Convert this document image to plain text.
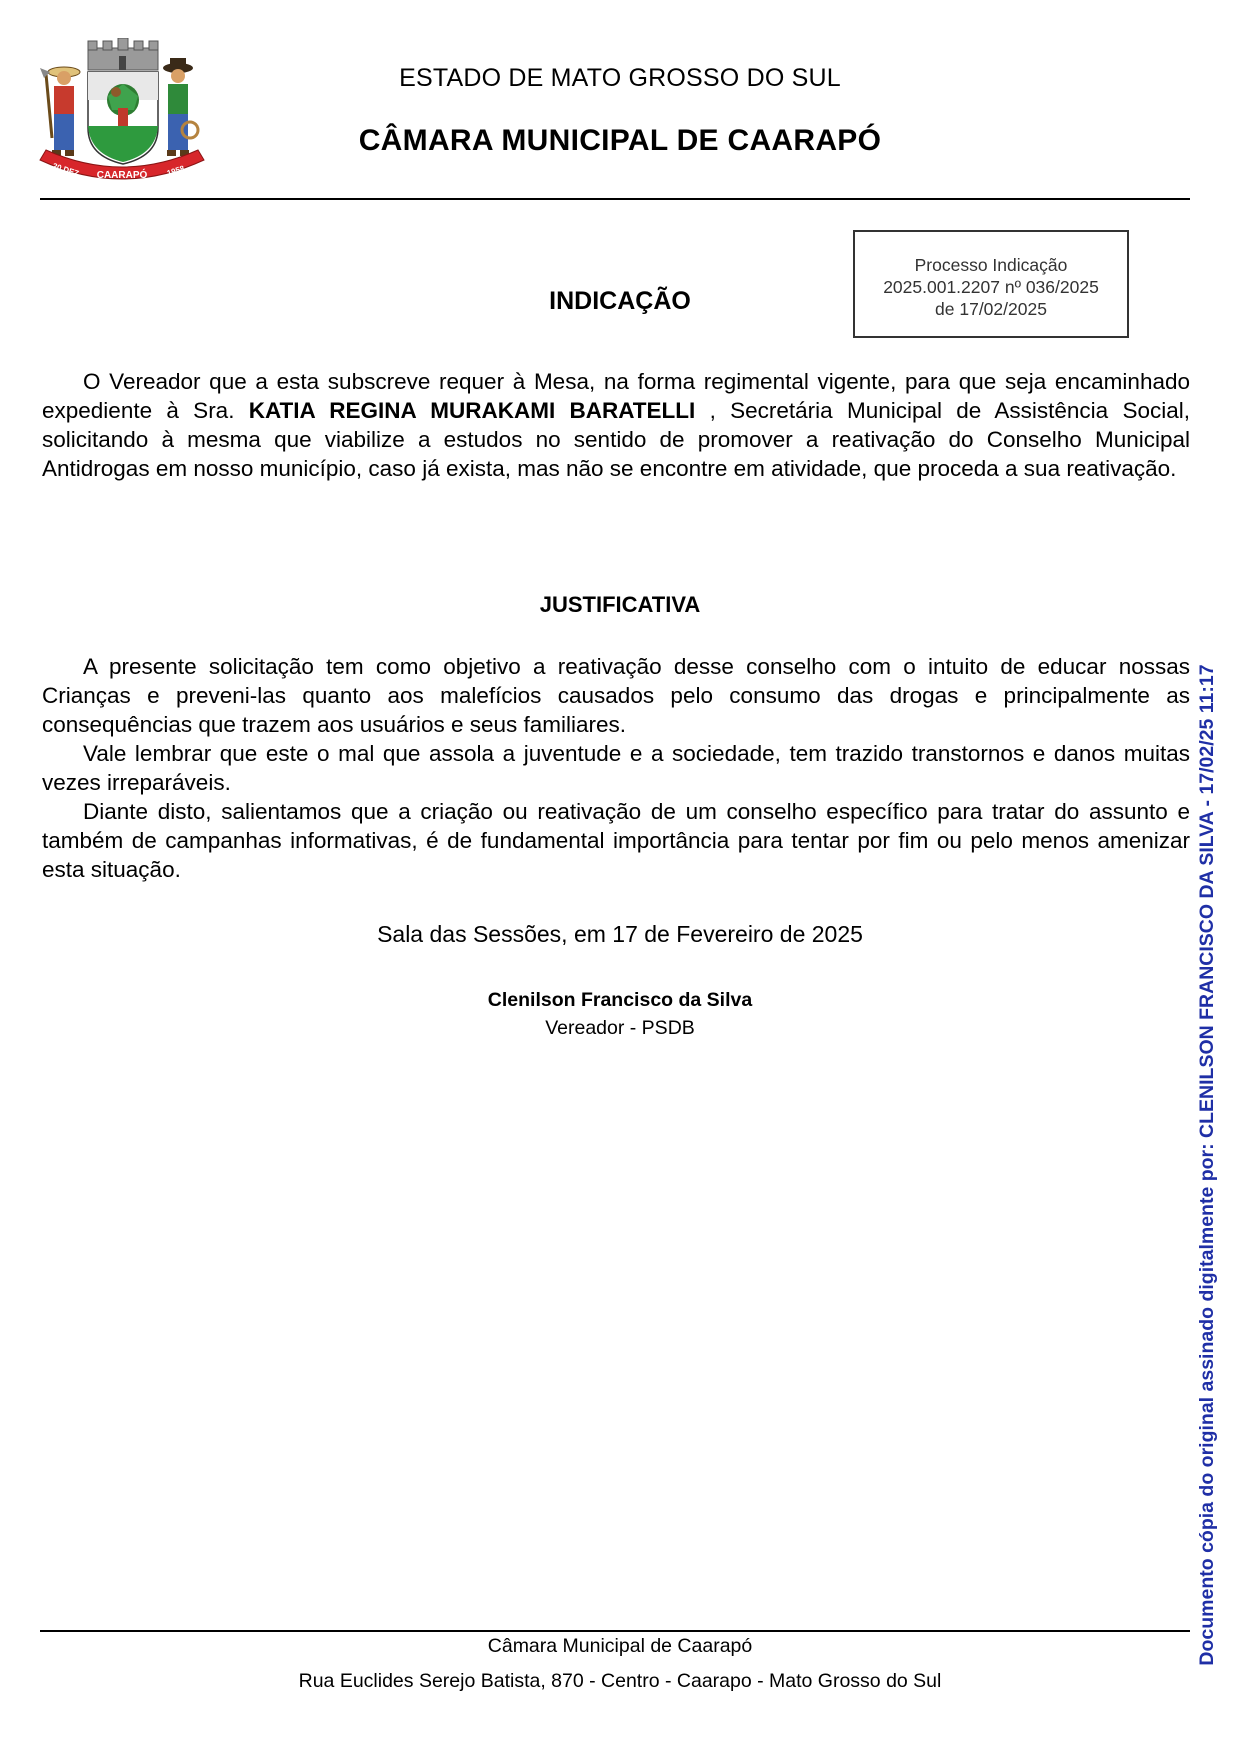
20 DEZ CAARAPÓ 1958
ESTADO DE MATO GROSSO DO SUL
CÂMARA MUNICIPAL DE CAARAPÓ
INDICAÇÃO
Processo Indicação
2025.001.2207 nº 036/2025
de 17/02/2025

O Vereador que a esta subscreve requer à Mesa, na forma regimental vigente, para que seja encaminhado expediente à Sra. KATIA REGINA MURAKAMI BARATELLI , Secretária Municipal de Assistência Social, solicitando à mesma que viabilize a estudos no sentido de promover a reativação do Conselho Municipal Antidrogas em nosso município, caso já exista, mas não se encontre em atividade, que proceda a sua reativação.

JUSTIFICATIVA

A presente solicitação tem como objetivo a reativação desse conselho com o intuito de educar nossas Crianças e preveni-las quanto aos malefícios causados pelo consumo das drogas e principalmente as consequências que trazem aos usuários e seus familiares.

Vale lembrar que este o mal que assola a juventude e a sociedade, tem trazido transtornos e danos muitas vezes irreparáveis.

Diante disto, salientamos que a criação ou reativação de um conselho específico para tratar do assunto e também de campanhas informativas, é de fundamental importância para tentar por fim ou pelo menos amenizar esta situação.

Sala das Sessões, em 17 de Fevereiro de 2025
Clenilson Francisco da Silva
Vereador - PSDB
Câmara Municipal de Caarapó
Rua Euclides Serejo Batista, 870 - Centro - Caarapo - Mato Grosso do Sul
Documento cópia do original assinado digitalmente por: CLENILSON FRANCISCO DA SILVA - 17/02/25 11:17
